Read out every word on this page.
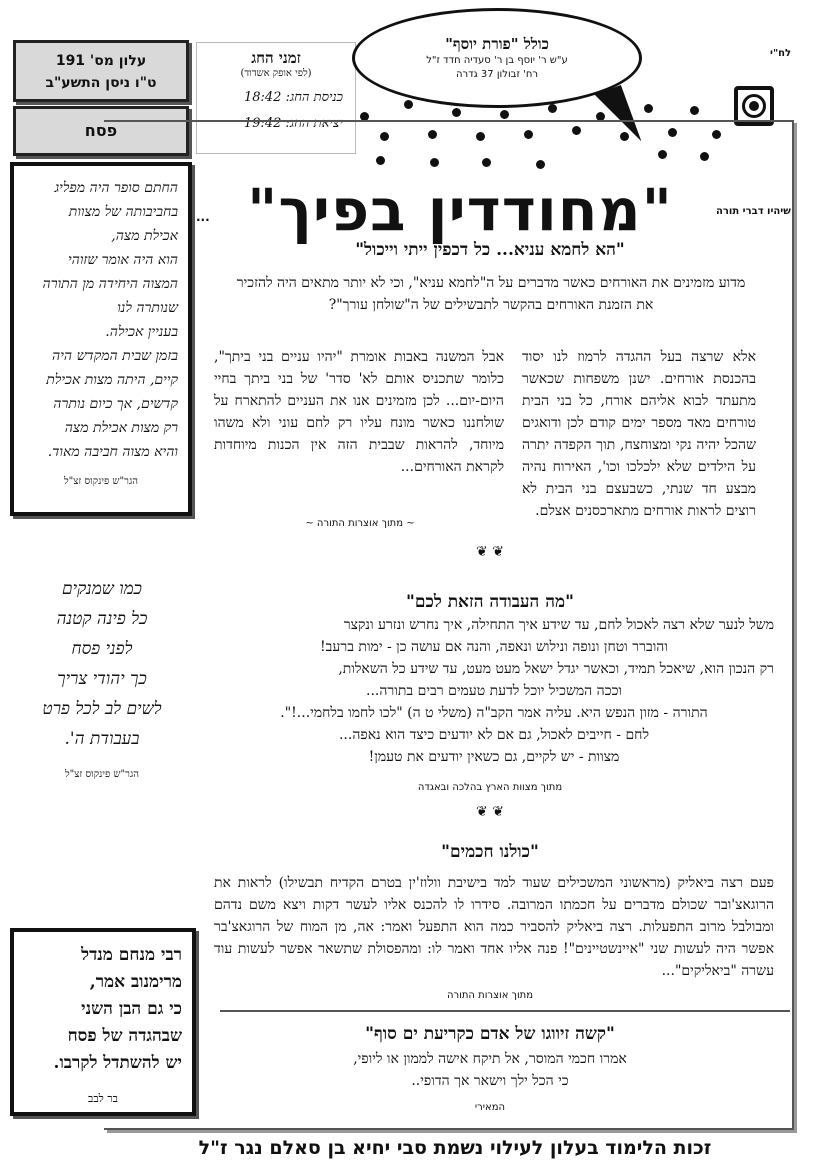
עלון מס' 191
ט"ו ניסן התשע"ב
פסח
זמני החג
(לפי אופק אשדוד)
כניסת החג: 18:42
יציאת החג: 19:42
כולל "פורת יוסף"
ע"ש ר' יוסף בן ר' סעדיה חדד ז"ל
רח' זבולון 37 גדרה
לח"י
שיהיו דברי תורה
"מחודדין בפיך"
...
"הא לחמא עניא... כל דכפין ייתי וייכול"
מדוע מזמינים את האורחים כאשר מדברים על ה"לחמא עניא", וכי לא יותר מתאים היה להזכיר את הזמנת האורחים בהקשר לתבשילים של ה"שולחן עורך"?
אלא שרצה בעל ההגדה לרמוז לנו יסוד בהכנסת אורחים. ישנן משפחות שכאשר מתעתד לבוא אליהם אורח, כל בני הבית טורחים מאד מספר ימים קודם לכן ודואגים שהכל יהיה נקי ומצוחצח, תוך הקפדה יתרה על הילדים שלא ילכלכו וכו', האירוח נהיה מבצע חד שנתי, כשבעצם בני הבית לא רוצים לראות אורחים מתארכסנים אצלם.
אבל המשנה באבות אומרת "יהיו עניים בני ביתך", כלומר שתכניס אותם לא' סדר' של בני ביתך בחיי היום-יום... לכן מזמינים אנו את העניים להתארח על שולחננו כאשר מונח עליו רק לחם עוני ולא משהו מיוחד, להראות שבבית הזה אין הכנות מיוחדות לקראת האורחים...
~ מתוך אוצרות התורה ~
❦ ❦
"מה העבודה הזאת לכם"
משל לנער שלא רצה לאכול לחם, עד שידע איך התחילה, איך נחרש ונזרע ונקצר
והוברר וטחן ונופה ונילוש ונאפה, והנה אם עושה כן - ימות ברעב!
רק הנכון הוא, שיאכל תמיד, וכאשר יגדל ישאל מעט מעט, עד שידע כל השאלות,
וככה המשכיל יוכל לדעת טעמים רבים בתורה...
התורה - מזון הנפש היא. עליה אמר הקב"ה (משלי ט ה) "לכו לחמו בלחמי...!".
לחם - חייבים לאכול, גם אם לא יודעים כיצד הוא נאפה...
מצוות - יש לקיים, גם כשאין יודעים את טעמן!
מתוך מצוות הארץ בהלכה ובאגדה
❦ ❦
"כולנו חכמים"
פעם רצה ביאליק (מראשוני המשכילים שעוד למד בישיבת וולוז'ין בטרם הקדיח תבשילו) לראות את הרוגאצ'ובר שכולם מדברים על חכמתו המרובה. סידרו לו להכנס אליו לעשר דקות ויצא משם נדהם ומבולבל מרוב התפעלות. רצה ביאליק להסביר כמה הוא התפעל ואמר: אה, מן המוח של הרוגאצ'בר אפשר היה לעשות שני "איינשטיינים"! פנה אליו אחד ואמר לו: ומהפסולת שתשאר אפשר לעשות עוד עשרה "ביאליקים"...
מתוך אוצרות התורה
"קשה זיווגו של אדם כקריעת ים סוף"
אמרו חכמי המוסר, אל תיקח אישה לממון או ליופי,
כי הכל ילך וישאר אך הדופי..
המאירי
החתם סופר היה מפליג
בחביבותה של מצוות
אכילת מצה,
הוא היה אומר שזוהי
המצוה היחידה מן התורה
שנותרה לנו
בעניין אכילה.
בזמן שבית המקדש היה
קיים, היתה מצות אכילת
קדשים, אך כיום נותרה
רק מצות אכילת מצה
והיא מצוה חביבה מאוד.
הגר"ש פינקוס זצ"ל
כמו שמנקים
כל פינה קטנה
לפני פסח
כך יהודי צריך
לשים לב לכל פרט
בעבודת ה'.
הגר"ש פינקוס זצ"ל
רבי מנחם מנדל
מרימנוב אמר,
כי גם הבן השני
שבהגדה של פסח
יש להשתדל לקרבו.
בר לבב
זכות הלימוד בעלון לעילוי נשמת סבי יחיא בן סאלם נגר ז"ל
